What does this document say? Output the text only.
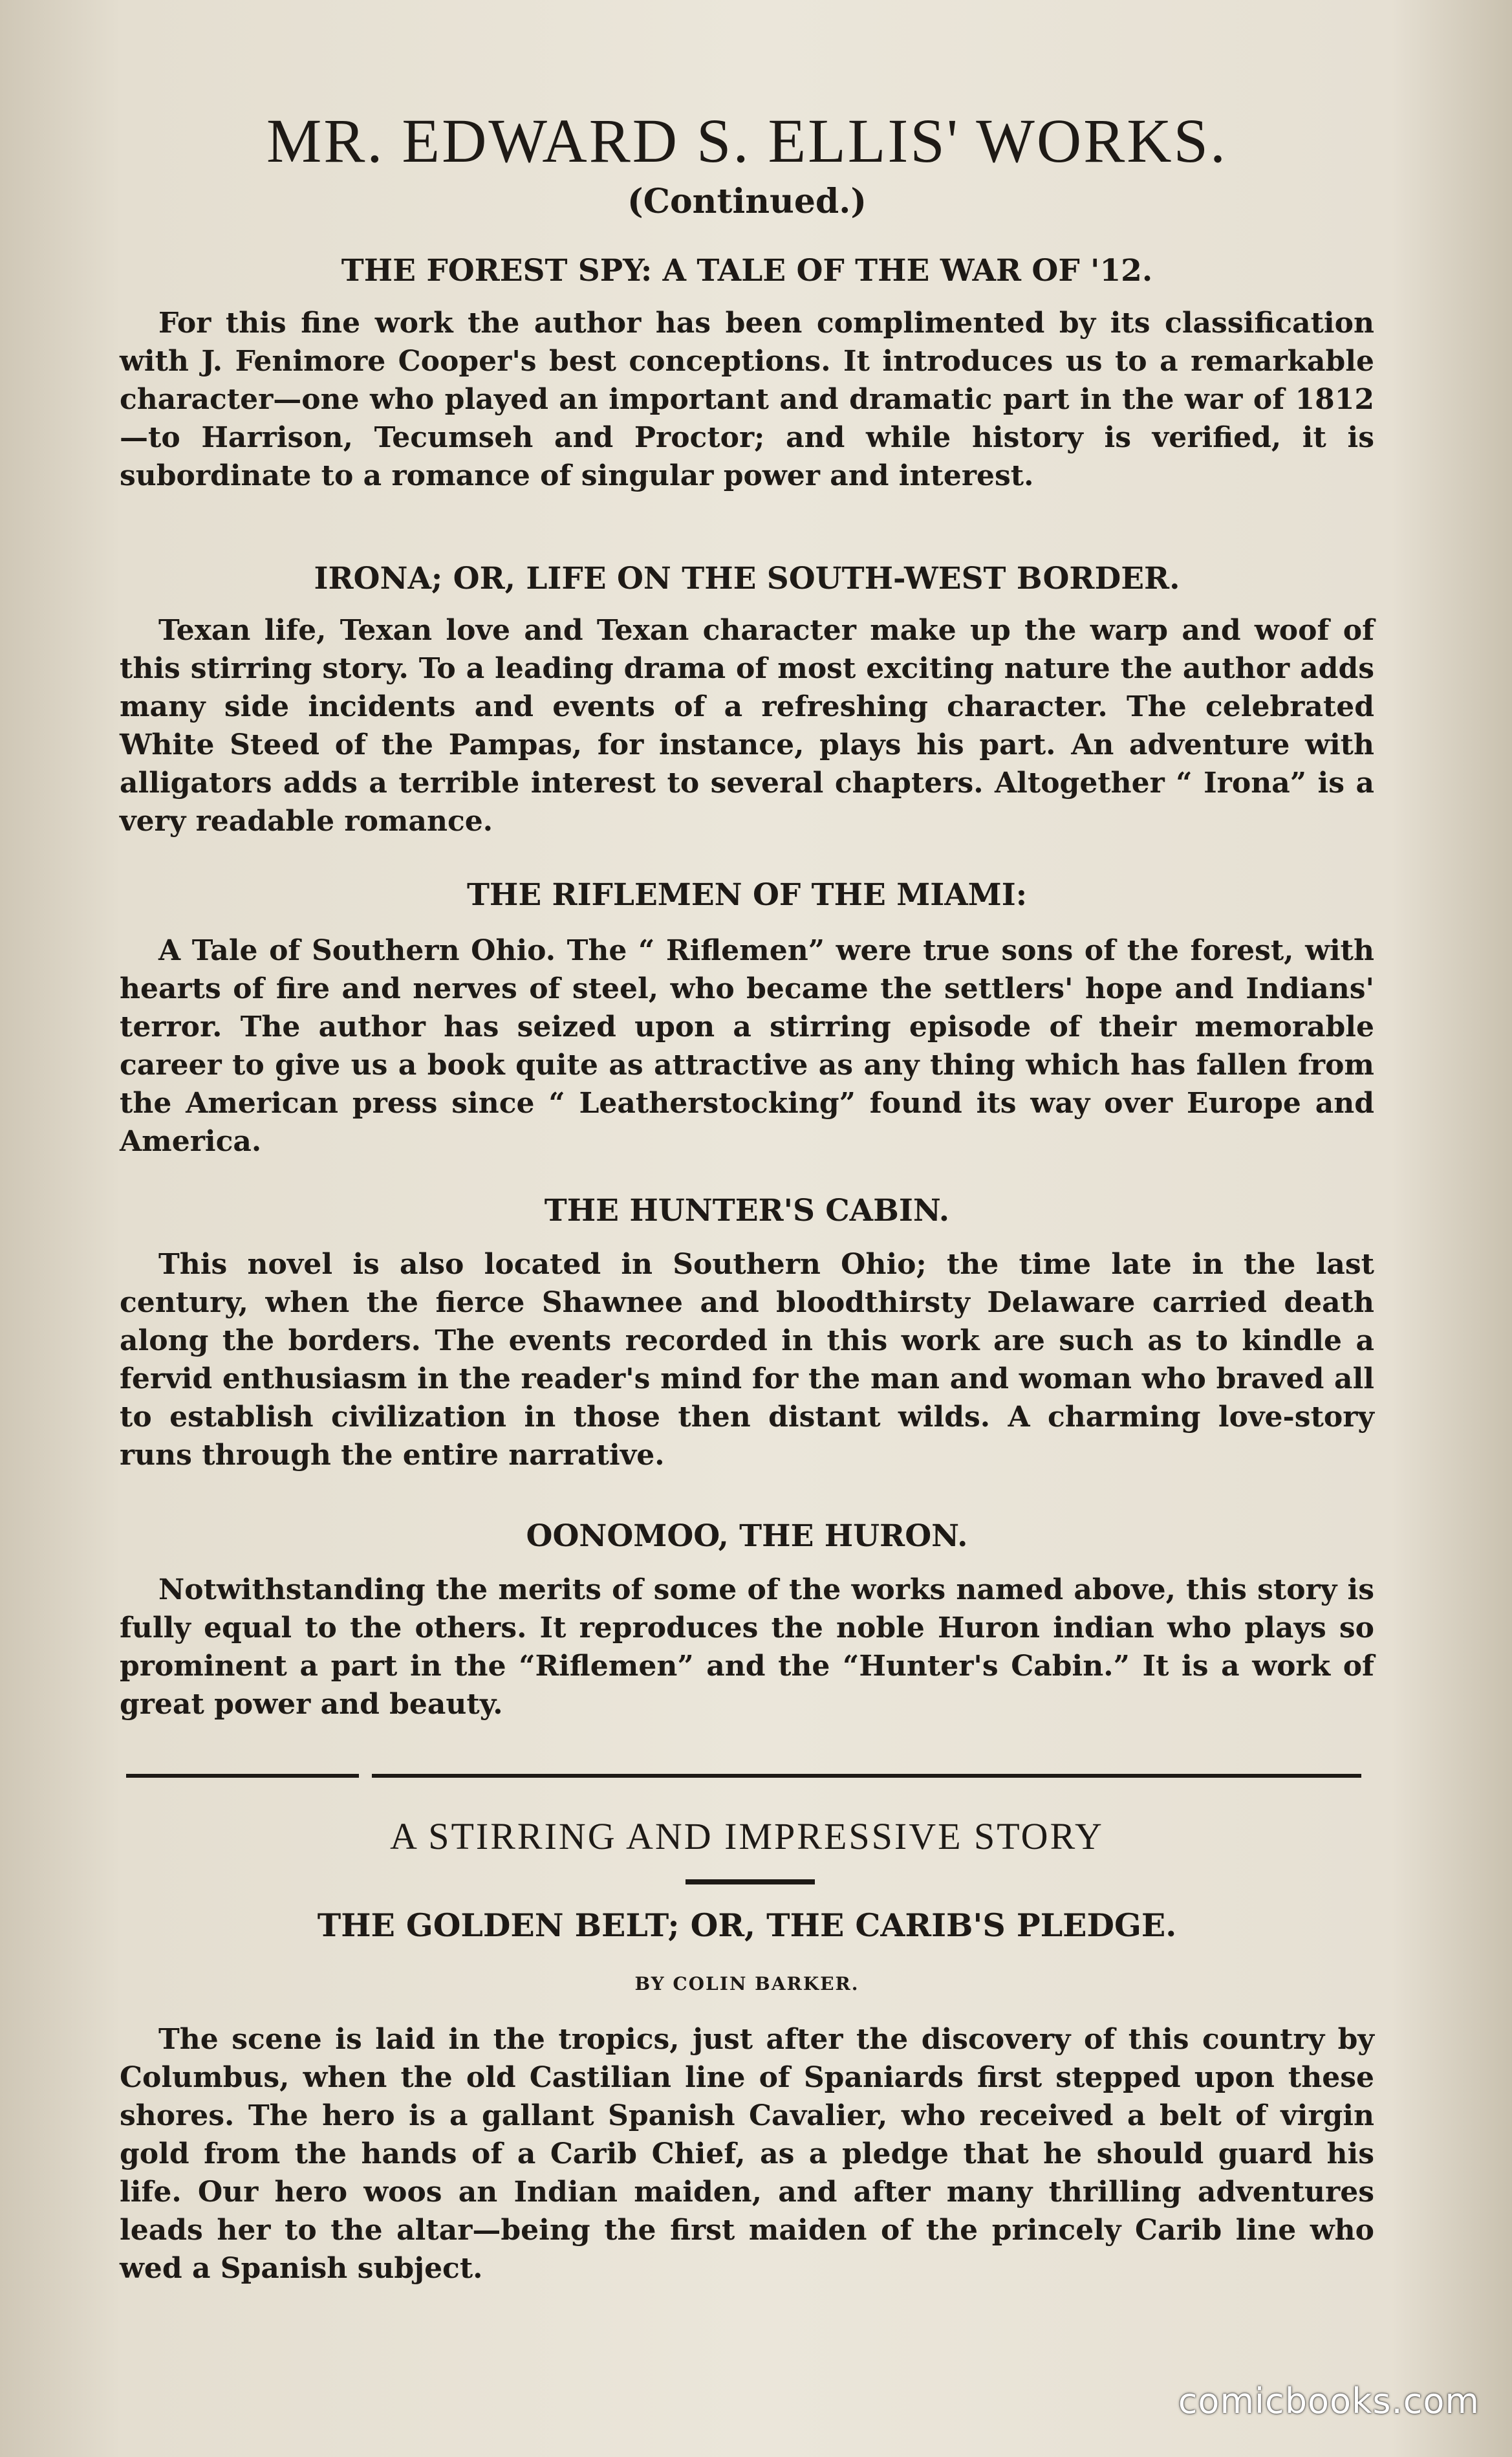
MR. EDWARD S. ELLIS' WORKS.
(Continued.)
THE FOREST SPY: A TALE OF THE WAR OF '12.
For this fine work the author has been complimented by its classification with J. Fenimore Cooper's best conceptions. It introduces us to a remarkable character—one who played an important and dramatic part in the war of 1812—to Harrison, Tecumseh and Proctor; and while history is verified, it is subordinate to a romance of singular power and interest.
IRONA; OR, LIFE ON THE SOUTH-WEST BORDER.
Texan life, Texan love and Texan character make up the warp and woof of this stirring story. To a leading drama of most exciting nature the author adds many side incidents and events of a refreshing character. The celebrated White Steed of the Pampas, for instance, plays his part. An adventure with alligators adds a terrible interest to several chapters. Altogether “ Irona” is a very readable romance.
THE RIFLEMEN OF THE MIAMI:
A Tale of Southern Ohio. The “ Riflemen” were true sons of the forest, with hearts of fire and nerves of steel, who became the settlers' hope and Indians' terror. The author has seized upon a stirring episode of their memorable career to give us a book quite as attractive as any thing which has fallen from the American press since “ Leatherstocking” found its way over Europe and America.
THE HUNTER'S CABIN.
This novel is also located in Southern Ohio; the time late in the last century, when the fierce Shawnee and bloodthirsty Delaware carried death along the borders. The events recorded in this work are such as to kindle a fervid enthusiasm in the reader's mind for the man and woman who braved all to establish civilization in those then distant wilds. A charming love-story runs through the entire narrative.
OONOMOO, THE HURON.
Notwithstanding the merits of some of the works named above, this story is fully equal to the others. It reproduces the noble Huron indian who plays so prominent a part in the “Riflemen” and the “Hunter's Cabin.” It is a work of great power and beauty.
A STIRRING AND IMPRESSIVE STORY
THE GOLDEN BELT; OR, THE CARIB'S PLEDGE.
BY COLIN BARKER.
The scene is laid in the tropics, just after the discovery of this country by Columbus, when the old Castilian line of Spaniards first stepped upon these shores. The hero is a gallant Spanish Cavalier, who received a belt of virgin gold from the hands of a Carib Chief, as a pledge that he should guard his life. Our hero woos an Indian maiden, and after many thrilling adventures leads her to the altar—being the first maiden of the princely Carib line who wed a Spanish subject.
comicbooks.com
